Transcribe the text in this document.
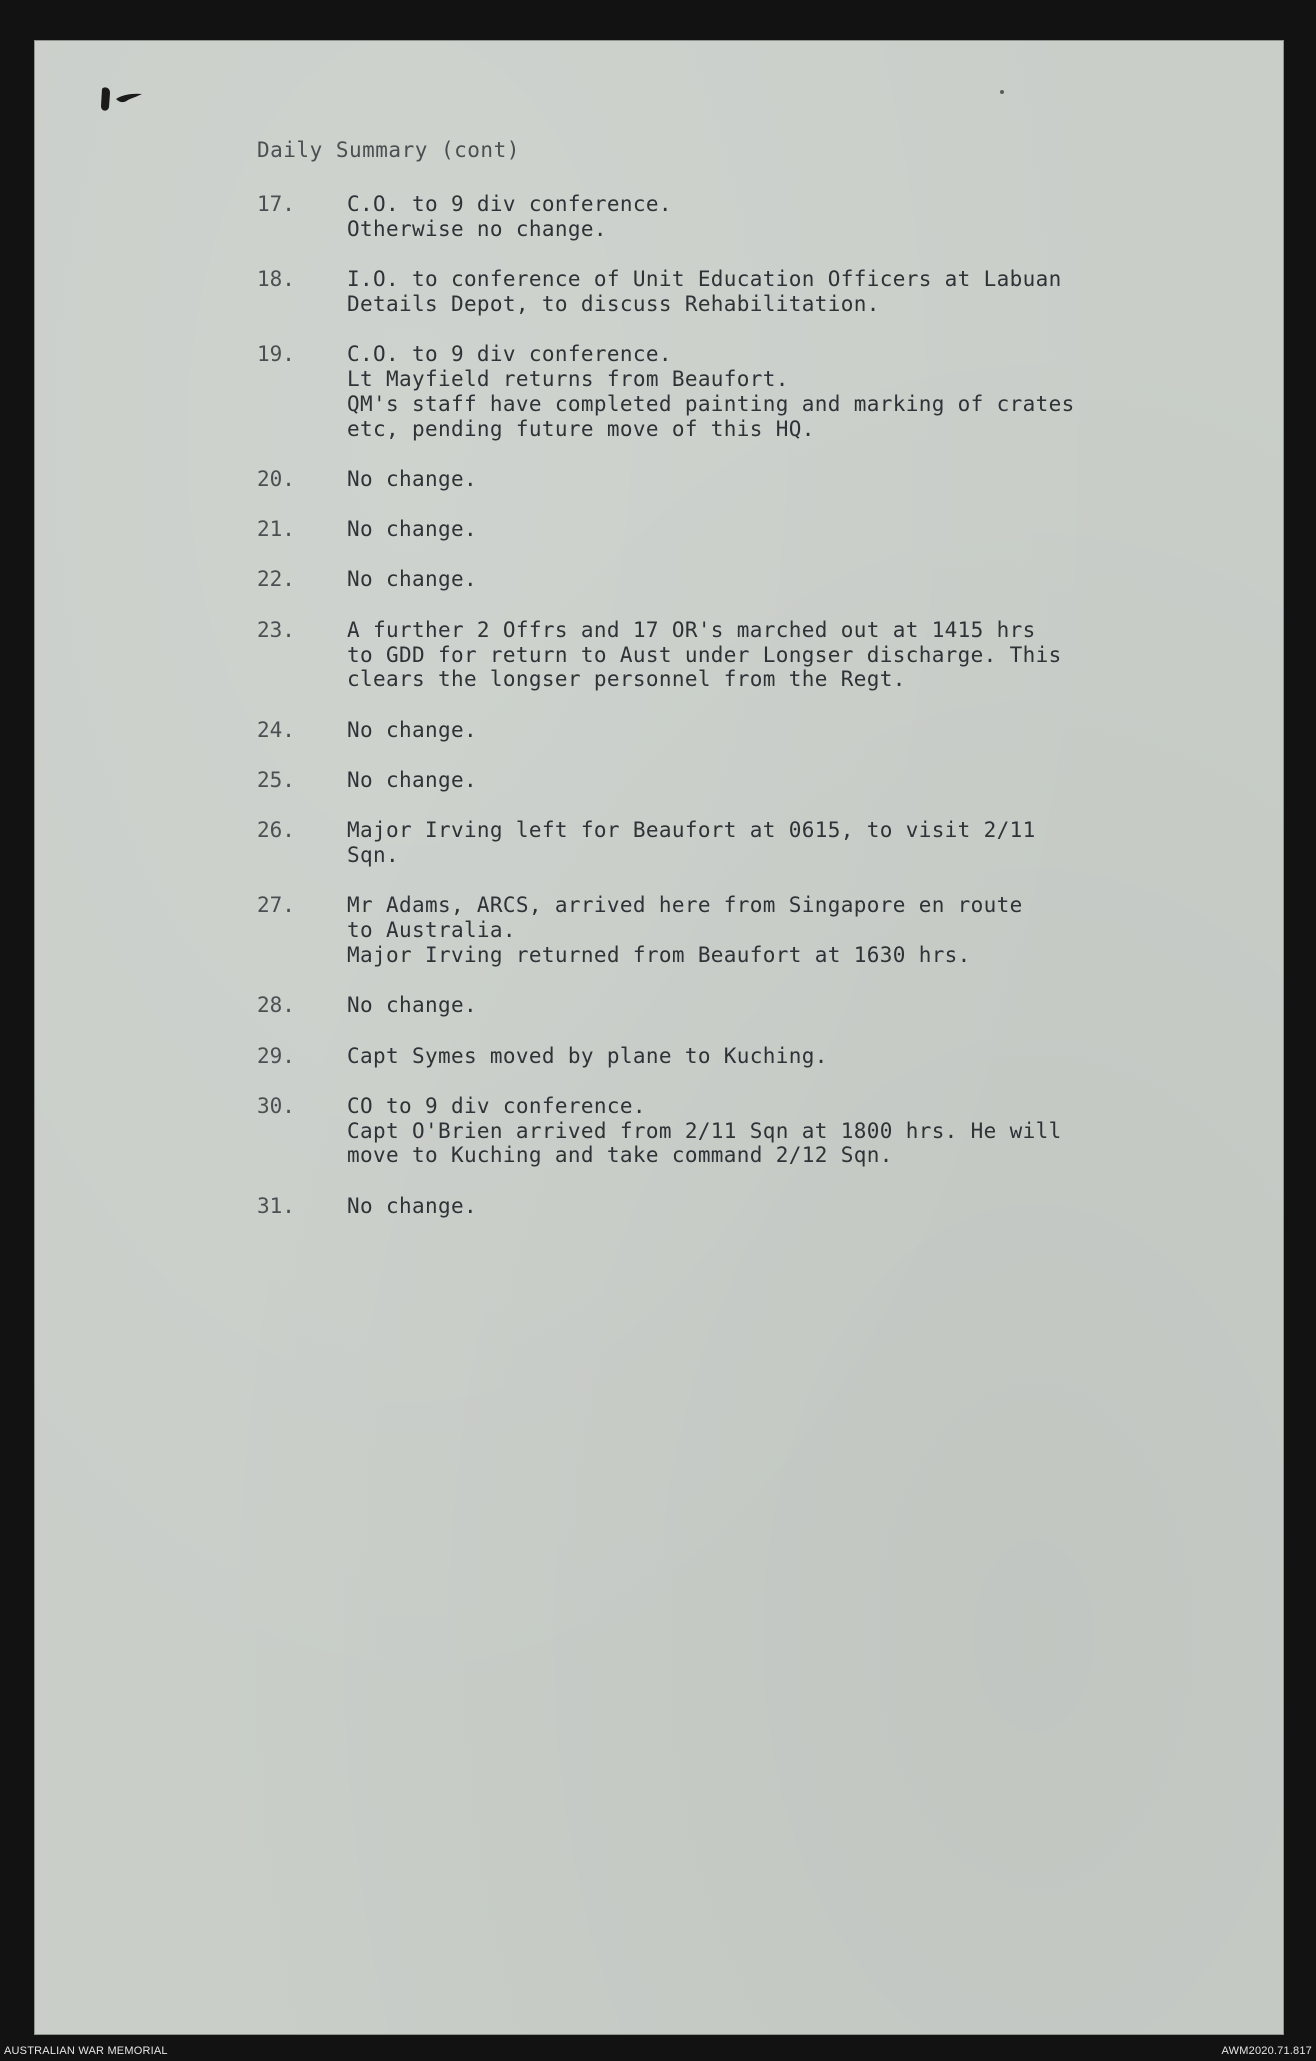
Daily Summary (cont)
17.	C.O. to 9 div conference.
Otherwise no change.
18.	I.O. to conference of Unit Education Officers at Labuan
Details Depot, to discuss Rehabilitation.
19.	C.O. to 9 div conference.
Lt Mayfield returns from Beaufort.
QM's staff have completed painting and marking of crates
etc, pending future move of this HQ.
20.	No change.
21.	No change.
22.	No change.
23.	A further 2 Offrs and 17 OR's marched out at 1415 hrs
to GDD for return to Aust under Longser discharge. This
clears the longser personnel from the Regt.
24.	No change.
25.	No change.
26.	Major Irving left for Beaufort at 0615, to visit 2/11
Sqn.
27.	Mr Adams, ARCS, arrived here from Singapore en route
to Australia.
Major Irving returned from Beaufort at 1630 hrs.
28.	No change.
29.	Capt Symes moved by plane to Kuching.
30.	CO to 9 div conference.
Capt O'Brien arrived from 2/11 Sqn at 1800 hrs. He will
move to Kuching and take command 2/12 Sqn.
31.	No change.
AUSTRALIAN WAR MEMORIAL	AWM2020.71.817
